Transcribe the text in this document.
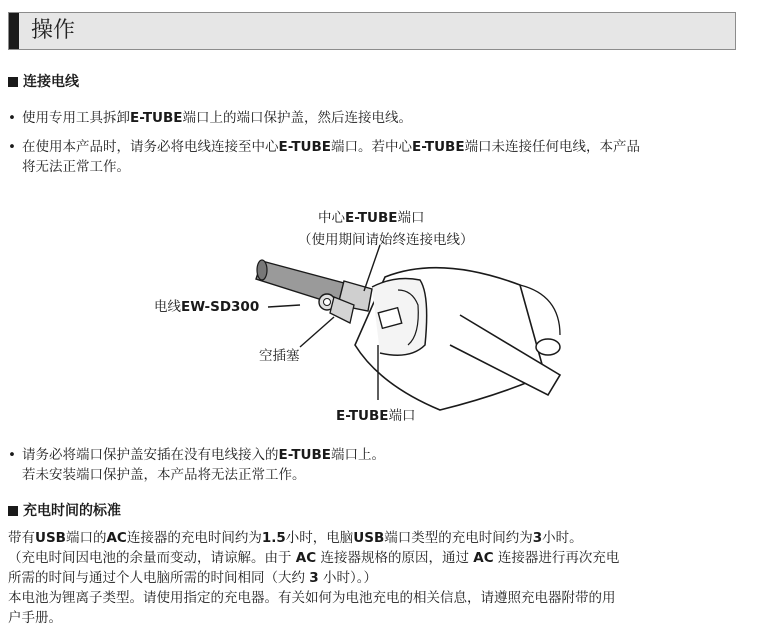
操作
连接电线
• 使用专用工具拆卸E-TUBE端口上的端口保护盖，然后连接电线。
• 在使用本产品时，请务必将电线连接至中心E-TUBE端口。若中心E-TUBE端口未连接任何电线，本产品
将无法正常工作。
中心E-TUBE端口
（使用期间请始终连接电线）
电线EW-SD300
空插塞
E-TUBE端口
• 请务必将端口保护盖安插在没有电线接入的E-TUBE端口上。
若未安装端口保护盖，本产品将无法正常工作。
充电时间的标准
带有USB端口的AC连接器的充电时间约为1.5小时，电脑USB端口类型的充电时间约为3小时。
（充电时间因电池的余量而变动，请谅解。由于 AC 连接器规格的原因，通过 AC 连接器进行再次充电
所需的时间与通过个人电脑所需的时间相同（大约 3 小时）。）
本电池为锂离子类型。请使用指定的充电器。有关如何为电池充电的相关信息，请遵照充电器附带的用
户手册。
